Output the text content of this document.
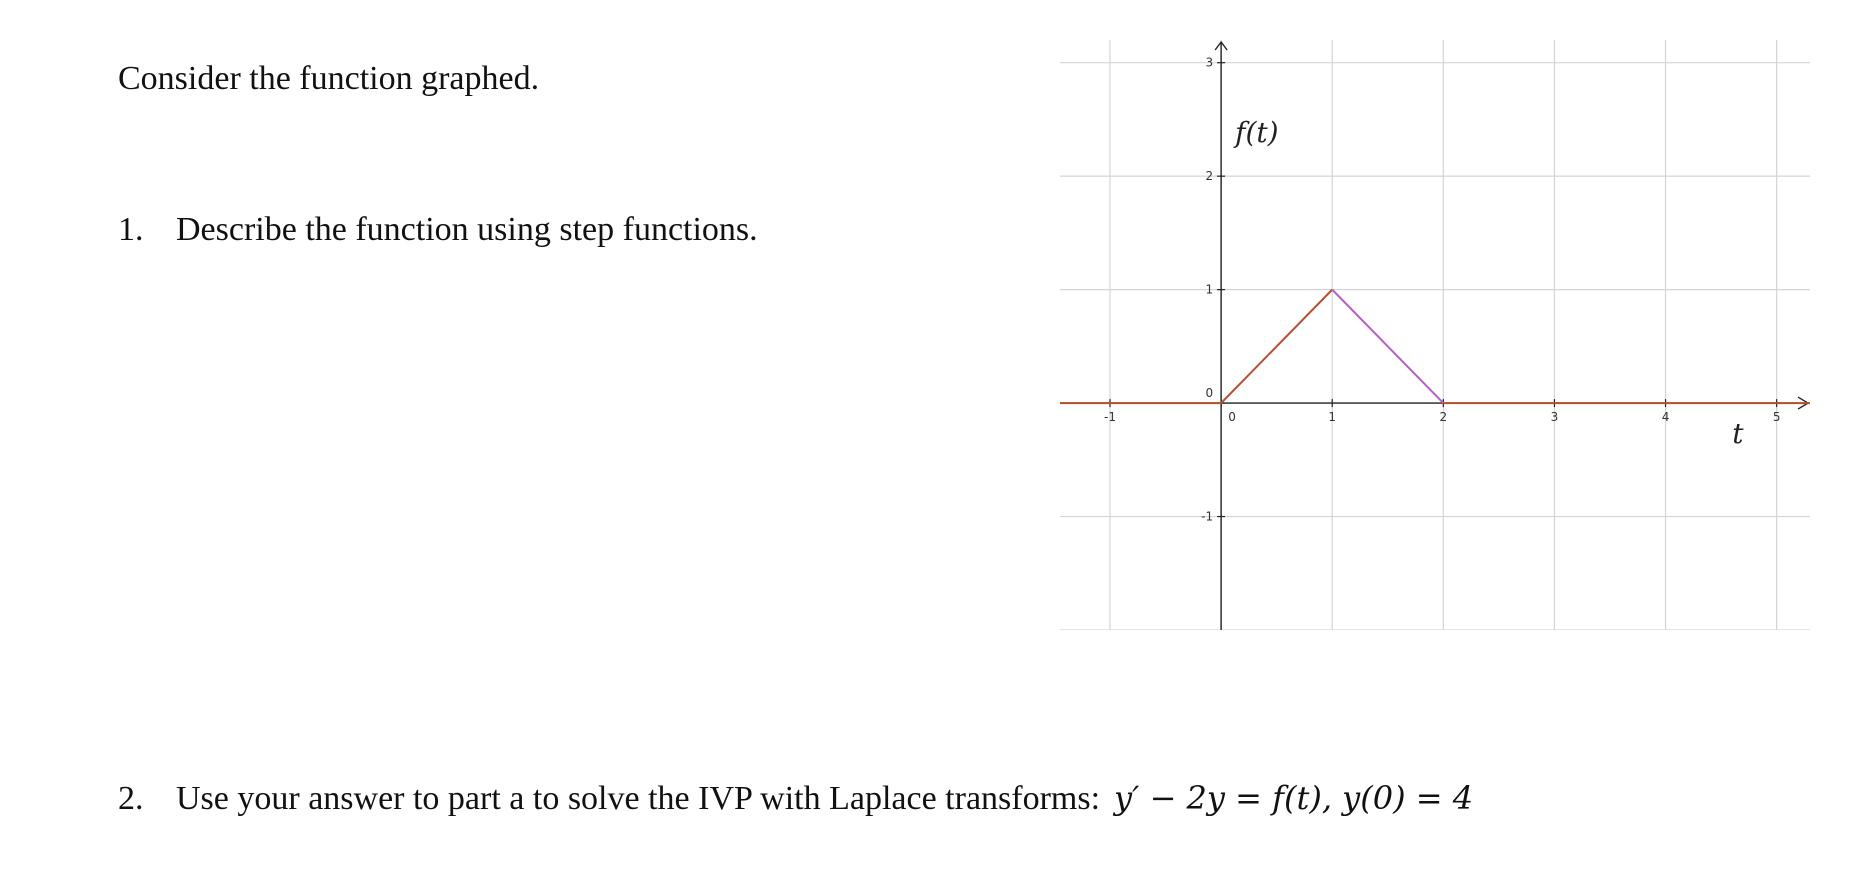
Consider the function graphed.
1. Describe the function using step functions.
2. Use your answer to part a to solve the IVP with Laplace transforms: y′ − 2y = f(t), y(0) = 4
-1	0	1	2	3	4	5
-1
0
1
2
3
f(t)
t
